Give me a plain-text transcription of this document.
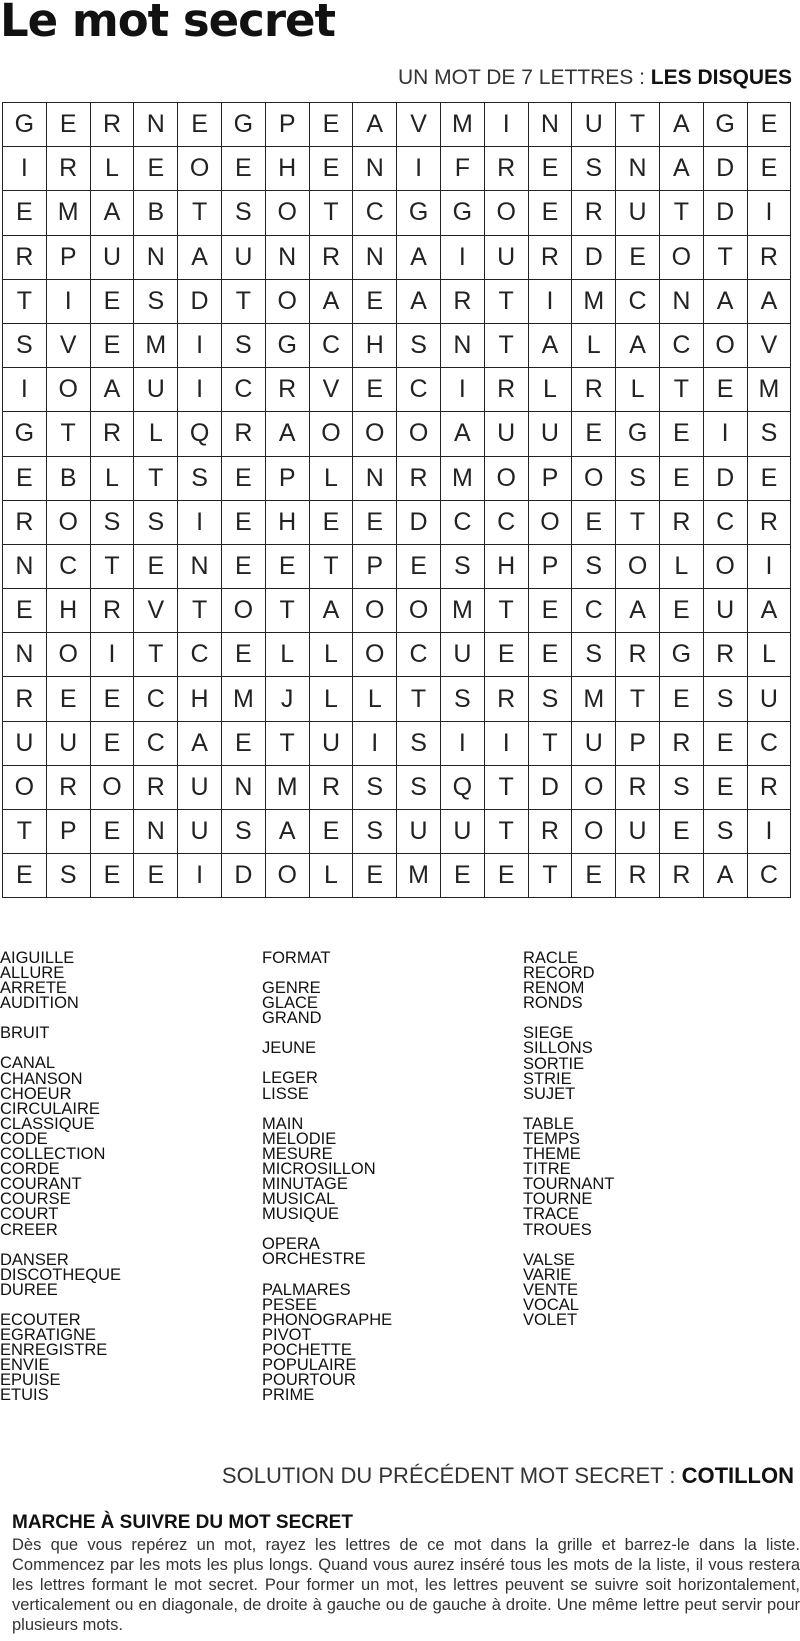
Le mot secret
UN MOT DE 7 LETTRES : LES DISQUES
G	E	R	N	E	G	P	E	A	V	M	I	N	U	T	A	G	E
I	R	L	E	O	E	H	E	N	I	F	R	E	S	N	A	D	E
E	M	A	B	T	S	O	T	C	G	G	O	E	R	U	T	D	I
R	P	U	N	A	U	N	R	N	A	I	U	R	D	E	O	T	R
T	I	E	S	D	T	O	A	E	A	R	T	I	M	C	N	A	A
S	V	E	M	I	S	G	C	H	S	N	T	A	L	A	C	O	V
I	O	A	U	I	C	R	V	E	C	I	R	L	R	L	T	E	M
G	T	R	L	Q	R	A	O	O	O	A	U	U	E	G	E	I	S
E	B	L	T	S	E	P	L	N	R	M	O	P	O	S	E	D	E
R	O	S	S	I	E	H	E	E	D	C	C	O	E	T	R	C	R
N	C	T	E	N	E	E	T	P	E	S	H	P	S	O	L	O	I
E	H	R	V	T	O	T	A	O	O	M	T	E	C	A	E	U	A
N	O	I	T	C	E	L	L	O	C	U	E	E	S	R	G	R	L
R	E	E	C	H	M	J	L	L	T	S	R	S	M	T	E	S	U
U	U	E	C	A	E	T	U	I	S	I	I	T	U	P	R	E	C
O	R	O	R	U	N	M	R	S	S	Q	T	D	O	R	S	E	R
T	P	E	N	U	S	A	E	S	U	U	T	R	O	U	E	S	I
E	S	E	E	I	D	O	L	E	M	E	E	T	E	R	R	A	C
AIGUILLE
ALLURE
ARRETE
AUDITION
BRUIT
CANAL
CHANSON
CHOEUR
CIRCULAIRE
CLASSIQUE
CODE
COLLECTION
CORDE
COURANT
COURSE
COURT
CREER
DANSER
DISCOTHEQUE
DUREE
ECOUTER
EGRATIGNE
ENREGISTRE
ENVIE
EPUISE
ETUIS
FORMAT
GENRE
GLACE
GRAND
JEUNE
LEGER
LISSE
MAIN
MELODIE
MESURE
MICROSILLON
MINUTAGE
MUSICAL
MUSIQUE
OPERA
ORCHESTRE
PALMARES
PESEE
PHONOGRAPHE
PIVOT
POCHETTE
POPULAIRE
POURTOUR
PRIME
RACLE
RECORD
RENOM
RONDS
SIEGE
SILLONS
SORTIE
STRIE
SUJET
TABLE
TEMPS
THEME
TITRE
TOURNANT
TOURNE
TRACE
TROUES
VALSE
VARIE
VENTE
VOCAL
VOLET
SOLUTION DU PRÉCÉDENT MOT SECRET : COTILLON
MARCHE À SUIVRE DU MOT SECRET
Dès que vous repérez un mot, rayez les lettres de ce mot dans la grille et barrez-le dans la liste. Commencez par les mots les plus longs. Quand vous aurez inséré tous les mots de la liste, il vous restera les lettres formant le mot secret. Pour former un mot, les lettres peuvent se suivre soit horizontalement, verticalement ou en diagonale, de droite à gauche ou de gauche à droite. Une même lettre peut servir pour plusieurs mots.
